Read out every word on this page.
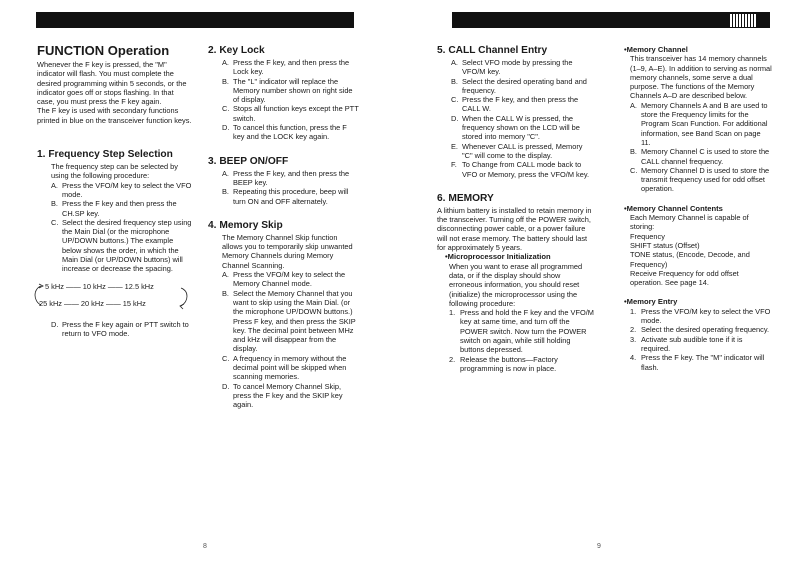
FUNCTION Operation

Whenever the F key is pressed, the "M" indicator will flash. You must complete the desired programming within 5 seconds, or the indicator goes off or stops flashing. In that case, you must press the F key again.

The F key is used with secondary functions printed in blue on the transceiver function keys.

1. Frequency Step Selection

The frequency step can be selected by using the following procedure:

A. Press the VFO/M key to select the VFO mode.
B. Press the F key and then press the CH.SP key.
C. Select the desired frequency step using the Main Dial (or the microphone UP/DOWN buttons.) The example below shows the order, in which the Main Dial (or UP/DOWN buttons) will increase or decrease the spacing.
5 kHz —— 10 kHz —— 12.5 kHz
25 kHz —— 20 kHz —— 15 kHz
D. Press the F key again or PTT switch to return to VFO mode.
2. Key Lock
A. Press the F key, and then press the Lock key.
B. The "L" indicator will replace the Memory number shown on right side of display.
C. Stops all function keys except the PTT switch.
D. To cancel this function, press the F key and the LOCK key again.
3. BEEP ON/OFF
A. Press the F key, and then press the BEEP key.
B. Repeating this procedure, beep will turn ON and OFF alternately.
4. Memory Skip

The Memory Channel Skip function allows you to temporarily skip unwanted Memory Channels during Memory Channel Scanning.

A. Press the VFO/M key to select the Memory Channel mode.
B. Select the Memory Channel that you want to skip using the Main Dial. (or the microphone UP/DOWN buttons.) Press F key, and then press the SKIP key. The decimal point between MHz and kHz will disappear from the display.
C. A frequency in memory without the decimal point will be skipped when scanning memories.
D. To cancel Memory Channel Skip, press the F key and the SKIP key again.
5. CALL Channel Entry
A. Select VFO mode by pressing the VFO/M key.
B. Select the desired operating band and frequency.
C. Press the F key, and then press the CALL W.
D. When the CALL W is pressed, the frequency shown on the LCD will be stored into memory "C".
E. Whenever CALL is pressed, Memory "C" will come to the display.
F. To Change from CALL mode back to VFO or Memory, press the VFO/M key.
6. MEMORY

A lithium battery is installed to retain memory in the transceiver. Turning off the POWER switch, disconnecting power cable, or a power failure will not erase memory. The battery should last for approximately 5 years.

•Microprocessor Initialization

When you want to erase all programmed data, or if the display should show erroneous information, you should reset (initialize) the microprocessor using the following procedure:

1. Press and hold the F key and the VFO/M key at same time, and turn off the POWER switch. Now turn the POWER switch on again, while still holding buttons depressed.
2. Release the buttons—Factory programming is now in place.
•Memory Channel

This transceiver has 14 memory channels (1–9, A–E). In addition to serving as normal memory channels, some serve a dual purpose. The functions of the Memory Channels A–D are described below.

A. Memory Channels A and B are used to store the Frequency limits for the Program Scan Function. For additional information, see Band Scan on page 11.
B. Memory Channel C is used to store the CALL channel frequency.
C. Memory Channel D is used to store the transmit frequency used for odd offset operation.
•Memory Channel Contents

Each Memory Channel is capable of storing:

Frequency

SHIFT status (Offset)

TONE status, (Encode, Decode, and Frequency)

Receive Frequency for odd offset operation. See page 14.

•Memory Entry
1. Press the VFO/M key to select the VFO mode.
2. Select the desired operating frequency.
3. Activate sub audible tone if it is required.
4. Press the F key. The "M" indicator will flash.
8	9
